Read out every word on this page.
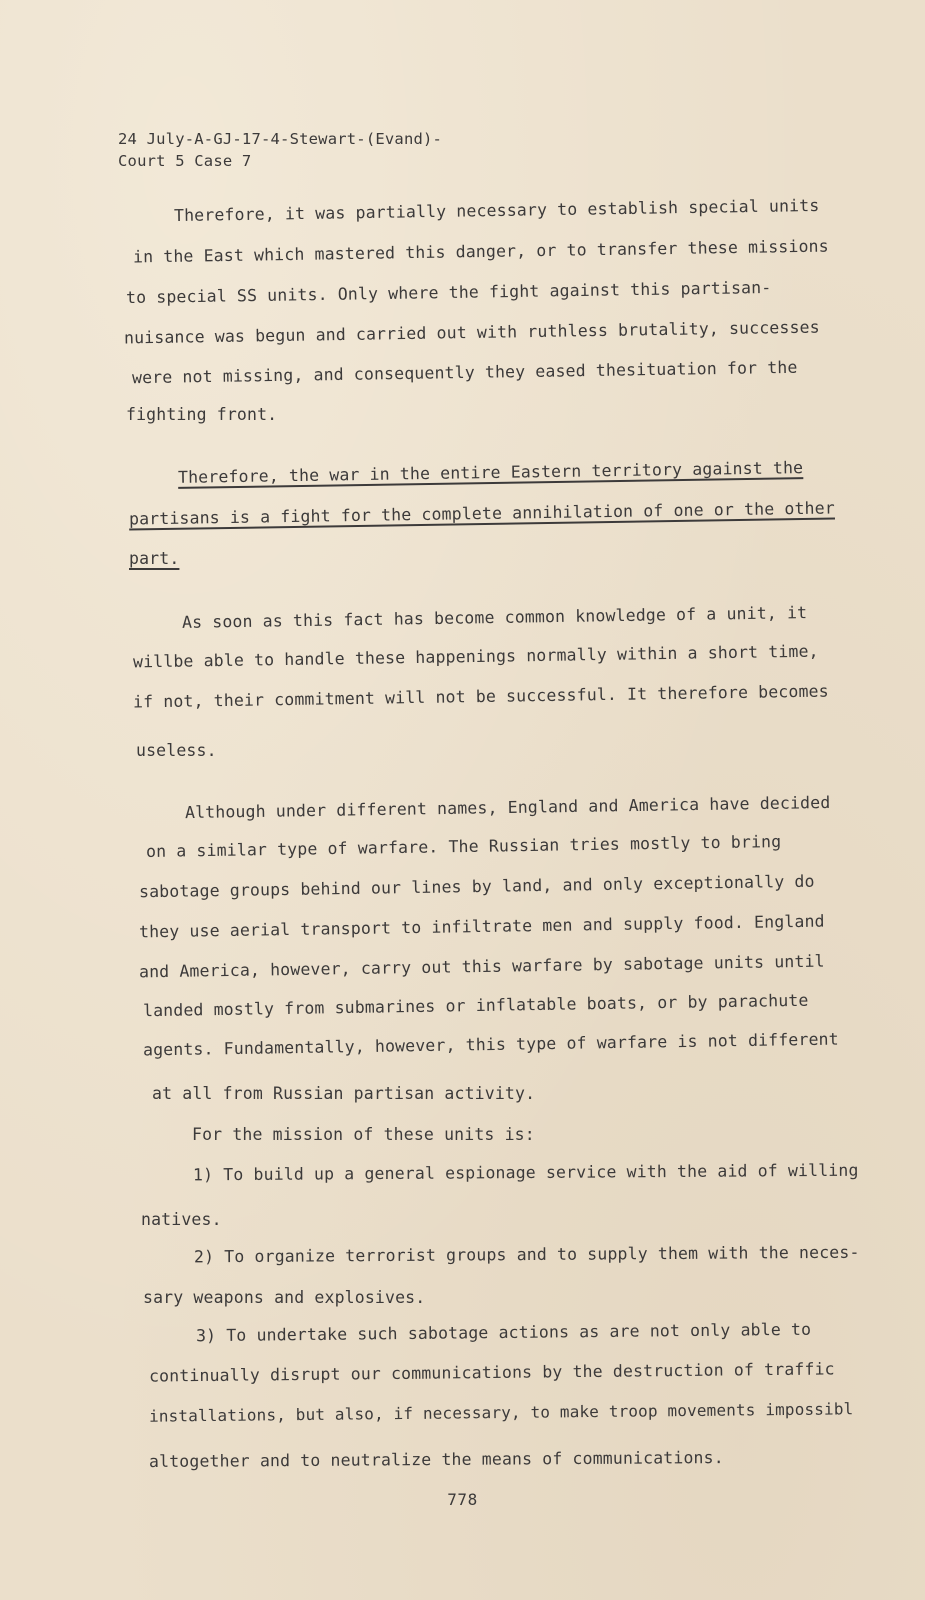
24 July-A-GJ-17-4-Stewart-(Evand)-
Court 5 Case 7
Therefore, it was partially necessary to establish special units
in the East which mastered this danger, or to transfer these missions
to special SS units. Only where the fight against this partisan-
nuisance was begun and carried out with ruthless brutality, successes
were not missing, and consequently they eased thesituation for the
fighting front.
Therefore, the war in the entire Eastern territory against the
partisans is a fight for the complete annihilation of one or the other
part.
As soon as this fact has become common knowledge of a unit, it
willbe able to handle these happenings normally within a short time,
if not, their commitment will not be successful. It therefore becomes
useless.
Although under different names, England and America have decided
on a similar type of warfare. The Russian tries mostly to bring
sabotage groups behind our lines by land, and only exceptionally do
they use aerial transport to infiltrate men and supply food. England
and America, however, carry out this warfare by sabotage units until
landed mostly from submarines or inflatable boats, or by parachute
agents. Fundamentally, however, this type of warfare is not different
at all from Russian partisan activity.
For the mission of these units is:
1) To build up a general espionage service with the aid of willing
natives.
2) To organize terrorist groups and to supply them with the neces-
sary weapons and explosives.
3) To undertake such sabotage actions as are not only able to
continually disrupt our communications by the destruction of traffic
installations, but also, if necessary, to make troop movements impossibl
altogether and to neutralize the means of communications.
778
